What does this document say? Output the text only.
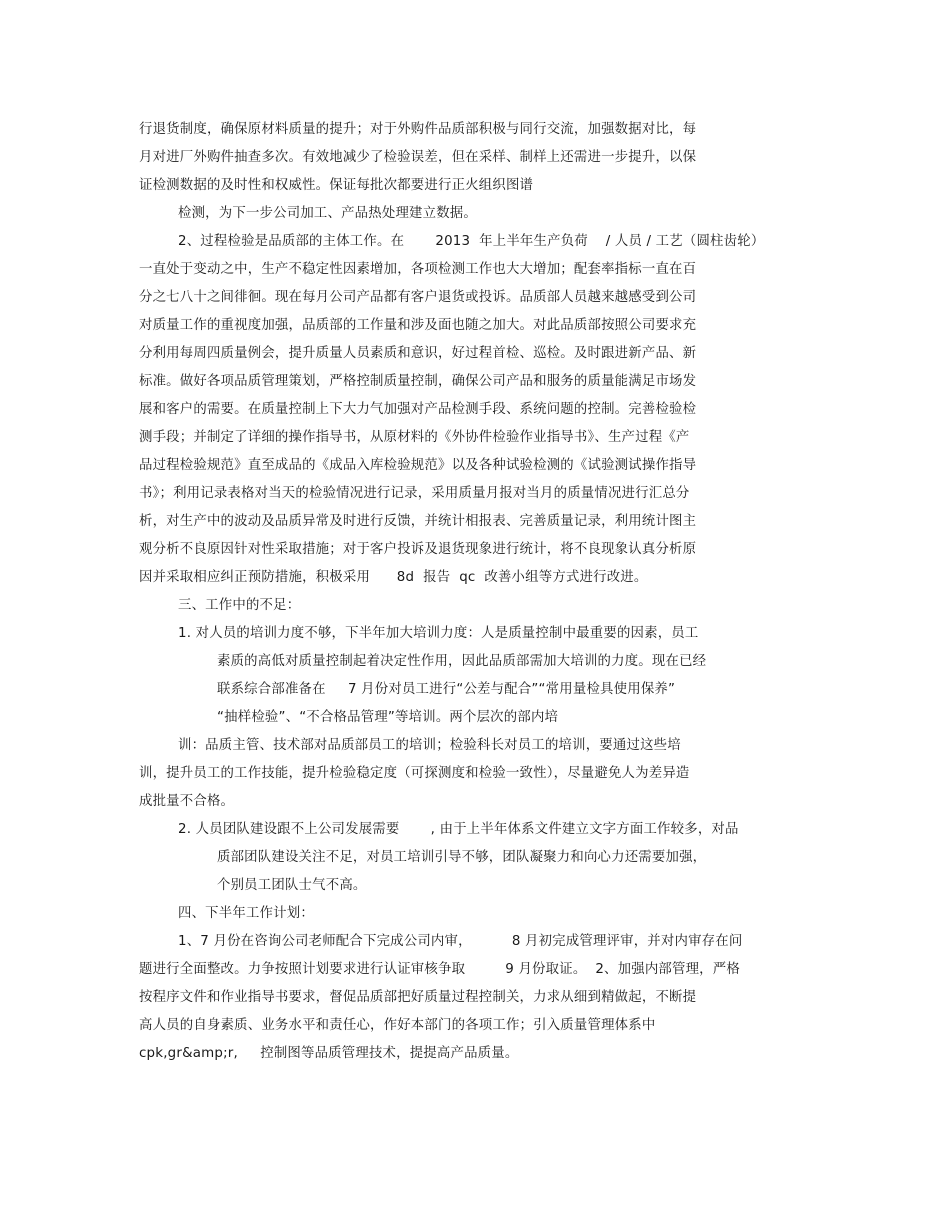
行退货制度，确保原材料质量的提升；对于外购件品质部积极与同行交流，加强数据对比，每
月对进厂外购件抽查多次。有效地减少了检验误差，但在采样、制样上还需进一步提升，以保
证检测数据的及时性和权威性。保证每批次都要进行正火组织图谱
检测，为下一步公司加工、产品热处理建立数据。
2、过程检验是品质部的主体工作。在       2013  年上半年生产负荷    / 人员 / 工艺（圆柱齿轮）
一直处于变动之中，生产不稳定性因素增加，各项检测工作也大大增加；配套率指标一直在百
分之七八十之间徘徊。现在每月公司产品都有客户退货或投诉。品质部人员越来越感受到公司
对质量工作的重视度加强，品质部的工作量和涉及面也随之加大。对此品质部按照公司要求充
分利用每周四质量例会，提升质量人员素质和意识，好过程首检、巡检。及时跟进新产品、新
标准。做好各项品质管理策划，严格控制质量控制，确保公司产品和服务的质量能满足市场发
展和客户的需要。在质量控制上下大力气加强对产品检测手段、系统问题的控制。完善检验检
测手段；并制定了详细的操作指导书，从原材料的《外协件检验作业指导书》、生产过程《产
品过程检验规范》直至成品的《成品入库检验规范》以及各种试验检测的《试验测试操作指导
书》；利用记录表格对当天的检验情况进行记录，采用质量月报对当月的质量情况进行汇总分
析，对生产中的波动及品质异常及时进行反馈，并统计相报表、完善质量记录，利用统计图主
观分析不良原因针对性采取措施；对于客户投诉及退货现象进行统计，将不良现象认真分析原
因并采取相应纠正预防措施，积极采用      8d  报告  qc  改善小组等方式进行改进。
三、工作中的不足：
1. 对人员的培训力度不够，下半年加大培训力度：人是质量控制中最重要的因素，员工
素质的高低对质量控制起着决定性作用，因此品质部需加大培训的力度。现在已经
联系综合部准备在     7 月份对员工进行“公差与配合”“常用量检具使用保养”
“抽样检验”、“不合格品管理”等培训。两个层次的部内培
训：品质主管、技术部对品质部员工的培训；检验科长对员工的培训，要通过这些培
训，提升员工的工作技能，提升检验稳定度（可探测度和检验一致性），尽量避免人为差异造
成批量不合格。
2. 人员团队建设跟不上公司发展需要       , 由于上半年体系文件建立文字方面工作较多，对品
质部团队建设关注不足，对员工培训引导不够，团队凝聚力和向心力还需要加强，
个别员工团队士气不高。
四、下半年工作计划：
1、7 月份在咨询公司老师配合下完成公司内审，         8 月初完成管理评审，并对内审存在问
题进行全面整改。力争按照计划要求进行认证审核争取         9 月份取证。  2、加强内部管理，严格
按程序文件和作业指导书要求，督促品质部把好质量过程控制关，力求从细到精做起，不断提
高人员的自身素质、业务水平和责任心，作好本部门的各项工作；引入质量管理体系中
cpk,gr&amp;r,     控制图等品质管理技术，提提高产品质量。
